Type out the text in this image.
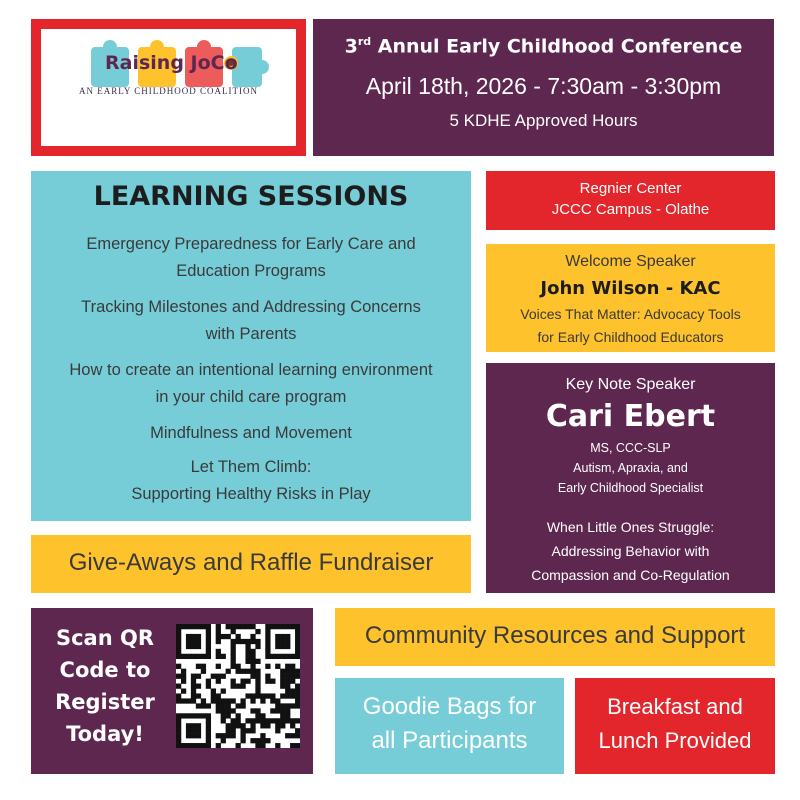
Raising JoCo
AN EARLY CHILDHOOD COALITION
3rd Annul Early Childhood Conference
April 18th, 2026 - 7:30am - 3:30pm
5 KDHE Approved Hours
LEARNING SESSIONS
Emergency Preparedness for Early Care and
Education Programs
Tracking Milestones and Addressing Concerns
with Parents
How to create an intentional learning environment
in your child care program
Mindfulness and Movement
Let Them Climb:
Supporting Healthy Risks in Play
Regnier Center
JCCC Campus - Olathe
Welcome Speaker
John Wilson - KAC
Voices That Matter: Advocacy Tools
for Early Childhood Educators
Key Note Speaker
Cari Ebert
MS, CCC-SLP
Autism, Apraxia, and
Early Childhood Specialist
When Little Ones Struggle:
Addressing Behavior with
Compassion and Co-Regulation
Give-Aways and Raffle Fundraiser
Scan QR
Code to
Register
Today!
Community Resources and Support
Goodie Bags for
all Participants
Breakfast and
Lunch Provided
